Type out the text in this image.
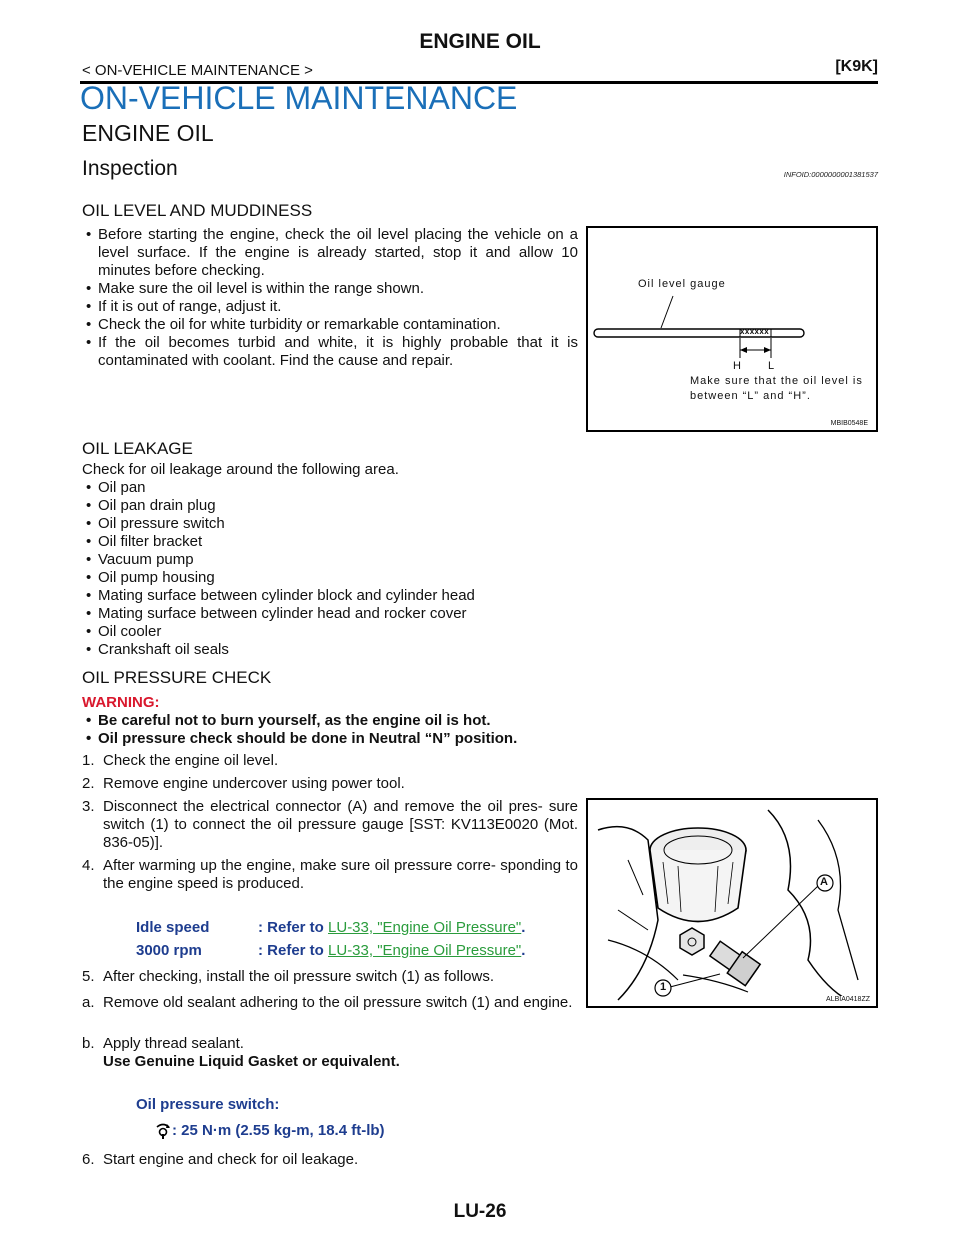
ENGINE OIL
< ON-VEHICLE MAINTENANCE >	[K9K]
ON-VEHICLE MAINTENANCE
ENGINE OIL
Inspection	INFOID:0000000001381537
OIL LEVEL AND MUDDINESS
• Before starting the engine, check the oil level placing the vehicle on a level surface. If the engine is already started, stop it and allow 10 minutes before checking.
• Make sure the oil level is within the range shown.
• If it is out of range, adjust it.
• Check the oil for white turbidity or remarkable contamination.
• If the oil becomes turbid and white, it is highly probable that it is contaminated with coolant. Find the cause and repair.
Oil level gauge
xxxxxx
H L
Make sure that the oil level is
between “L” and “H”.
MBIB0548E
OIL LEAKAGE
Check for oil leakage around the following area.
• Oil pan
• Oil pan drain plug
• Oil pressure switch
• Oil filter bracket
• Vacuum pump
• Oil pump housing
• Mating surface between cylinder block and cylinder head
• Mating surface between cylinder head and rocker cover
• Oil cooler
• Crankshaft oil seals
OIL PRESSURE CHECK
WARNING:
• Be careful not to burn yourself, as the engine oil is hot.
• Oil pressure check should be done in Neutral “N” position.
1. Check the engine oil level.
2. Remove engine undercover using power tool.
3. Disconnect the electrical connector (A) and remove the oil pres- sure switch (1) to connect the oil pressure gauge [SST: KV113E0020 (Mot. 836-05)].
4. After warming up the engine, make sure oil pressure corre- sponding to the engine speed is produced.
Idle speed	: Refer to LU-33, "Engine Oil Pressure".
3000 rpm	: Refer to LU-33, "Engine Oil Pressure".
5. After checking, install the oil pressure switch (1) as follows.
a. Remove old sealant adhering to the oil pressure switch (1) and engine.
b. Apply thread sealant.
Use Genuine Liquid Gasket or equivalent.
Oil pressure switch:
: 25 N·m (2.55 kg-m, 18.4 ft-lb)
6. Start engine and check for oil leakage.
A
1
ALBIA0418ZZ
LU-26
